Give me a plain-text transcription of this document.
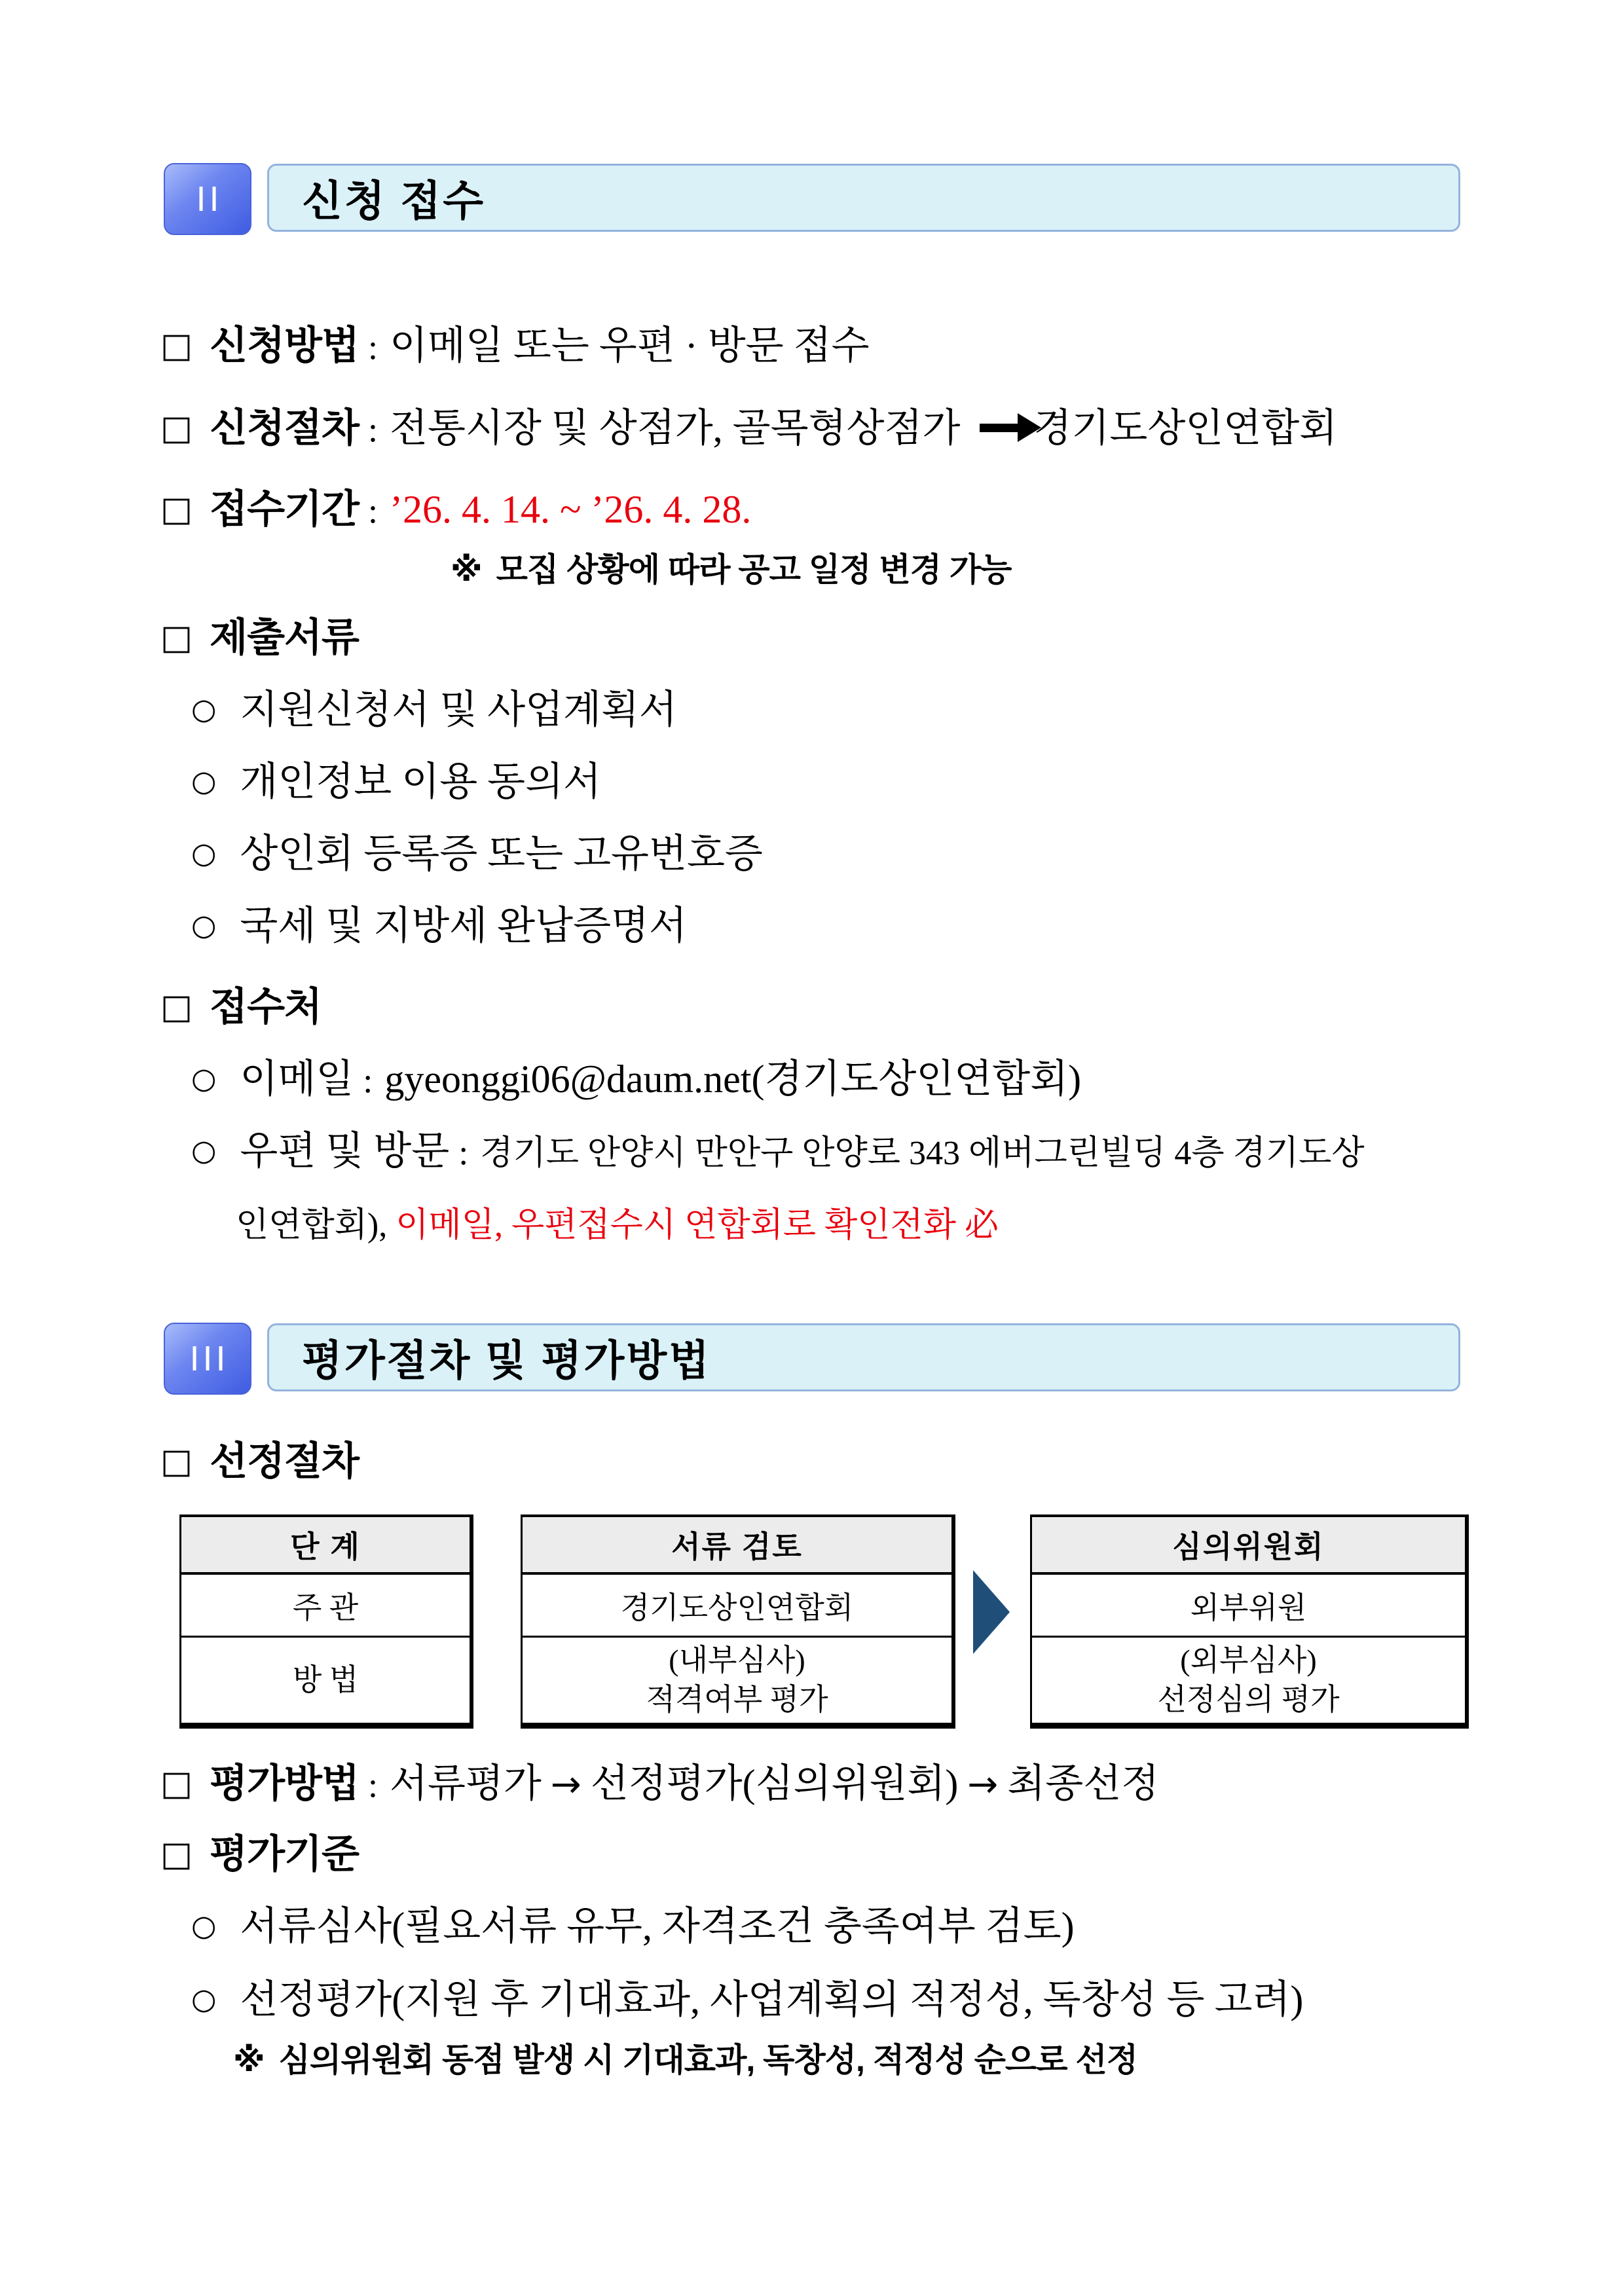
II 신청 접수
□ 신청방법 : 이메일 또는 우편 · 방문 접수
□ 신청절차 : 전통시장 및 상점가, 골목형상점가 경기도상인연합회
□ 접수기간 : ’26. 4. 14. ~ ’26. 4. 28.
※ 모집 상황에 따라 공고 일정 변경 가능
□ 제출서류
○ 지원신청서 및 사업계획서
○ 개인정보 이용 동의서
○ 상인회 등록증 또는 고유번호증
○ 국세 및 지방세 완납증명서
□ 접수처
○ 이메일 : gyeonggi06@daum.net(경기도상인연합회)
○ 우편 및 방문 : 경기도 안양시 만안구 안양로 343 에버그린빌딩 4층 경기도상
인연합회), 이메일, 우편접수시 연합회로 확인전화 必
III 평가절차 및 평가방법
□ 선정절차
단 계
주 관
방 법
서류 검토
경기도상인연합회
(내부심사)
적격여부 평가
심의위원회
외부위원
(외부심사)
선정심의 평가
□ 평가방법 : 서류평가 → 선정평가(심의위원회) → 최종선정
□ 평가기준
○ 서류심사(필요서류 유무, 자격조건 충족여부 검토)
○ 선정평가(지원 후 기대효과, 사업계획의 적정성, 독창성 등 고려)
※ 심의위원회 동점 발생 시 기대효과, 독창성, 적정성 순으로 선정
